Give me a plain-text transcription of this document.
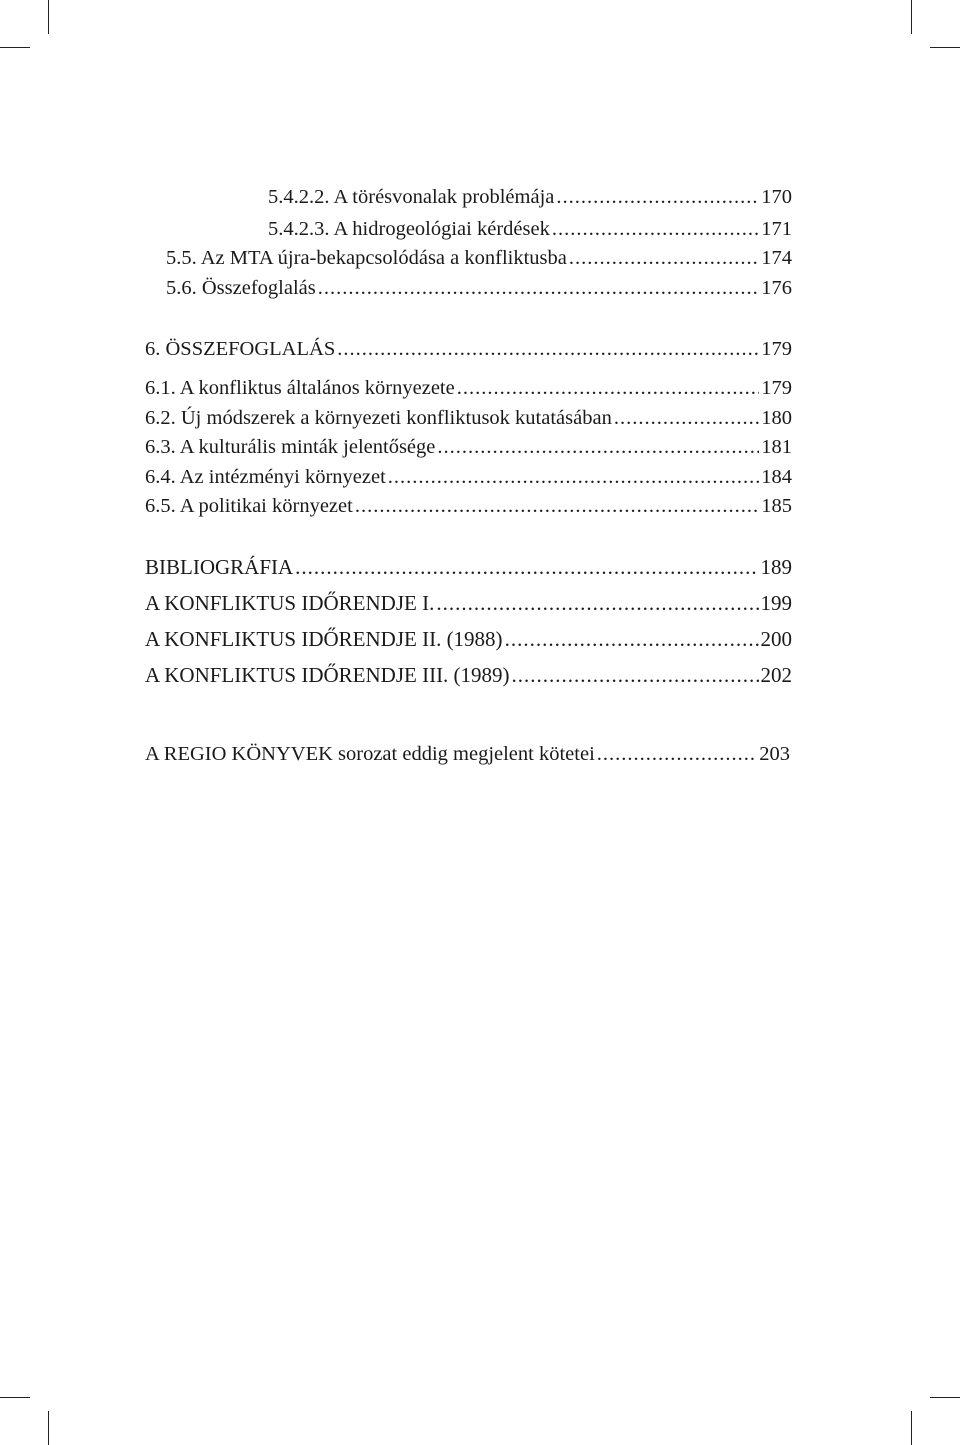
5.4.2.2. A törésvonalak problémája .....	170
5.4.2.3. A hidrogeológiai kérdések .....	171
5.5. Az MTA újra-bekapcsolódása a konfliktusba .....	174
5.6. Összefoglalás .....	176
6. ÖSSZEFOGLALÁS .....	179
6.1. A konfliktus általános környezete .....	179
6.2. Új módszerek a környezeti konfliktusok kutatásában .....	180
6.3. A kulturális minták jelentősége .....	181
6.4. Az intézményi környezet .....	184
6.5. A politikai környezet .....	185
BIBLIOGRÁFIA .....	189
A KONFLIKTUS IDŐRENDJE I. .....	199
A KONFLIKTUS IDŐRENDJE II. (1988) .....	200
A KONFLIKTUS IDŐRENDJE III. (1989) .....	202
A REGIO KÖNYVEK sorozat eddig megjelent kötetei .....	203
